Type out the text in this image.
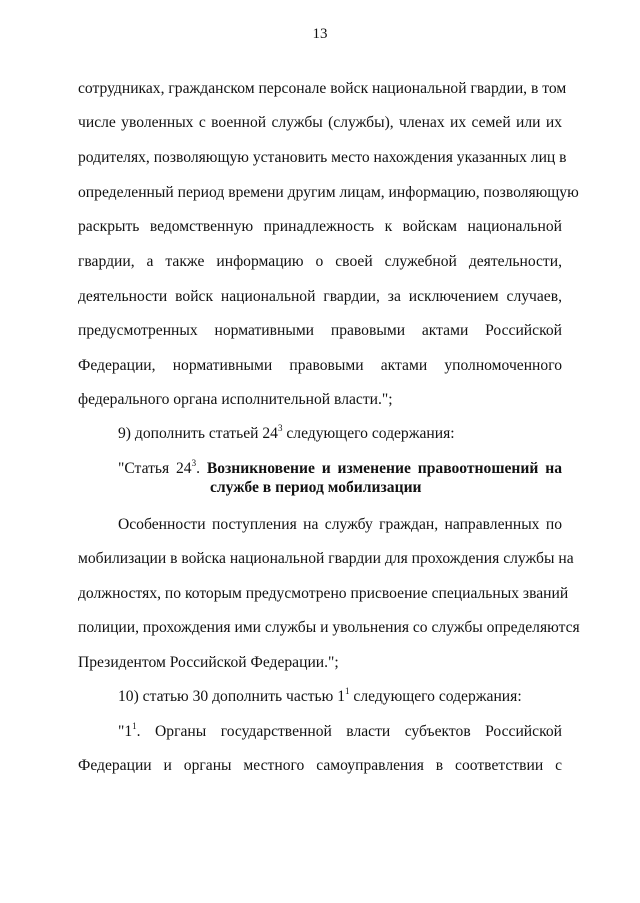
13
сотрудниках, гражданском персонале войск национальной гвардии, в том
числе уволенных с военной службы (службы), членах их семей или их
родителях, позволяющую установить место нахождения указанных лиц в
определенный период времени другим лицам, информацию, позволяющую
раскрыть ведомственную принадлежность к войскам национальной
гвардии, а также информацию о своей служебной деятельности,
деятельности войск национальной гвардии, за исключением случаев,
предусмотренных нормативными правовыми актами Российской
Федерации, нормативными правовыми актами уполномоченного
федерального органа исполнительной власти.";
9) дополнить статьей $24^3$ следующего содержания:
"Статья $24^3$. Возникновение и изменение правоотношений на
службе в период мобилизации
Особенности поступления на службу граждан, направленных по
мобилизации в войска национальной гвардии для прохождения службы на
должностях, по которым предусмотрено присвоение специальных званий
полиции, прохождения ими службы и увольнения со службы определяются
Президентом Российской Федерации.";
10) статью 30 дополнить частью $1^1$ следующего содержания:
"$1^1$. Органы государственной власти субъектов Российской
Федерации и органы местного самоуправления в соответствии с
